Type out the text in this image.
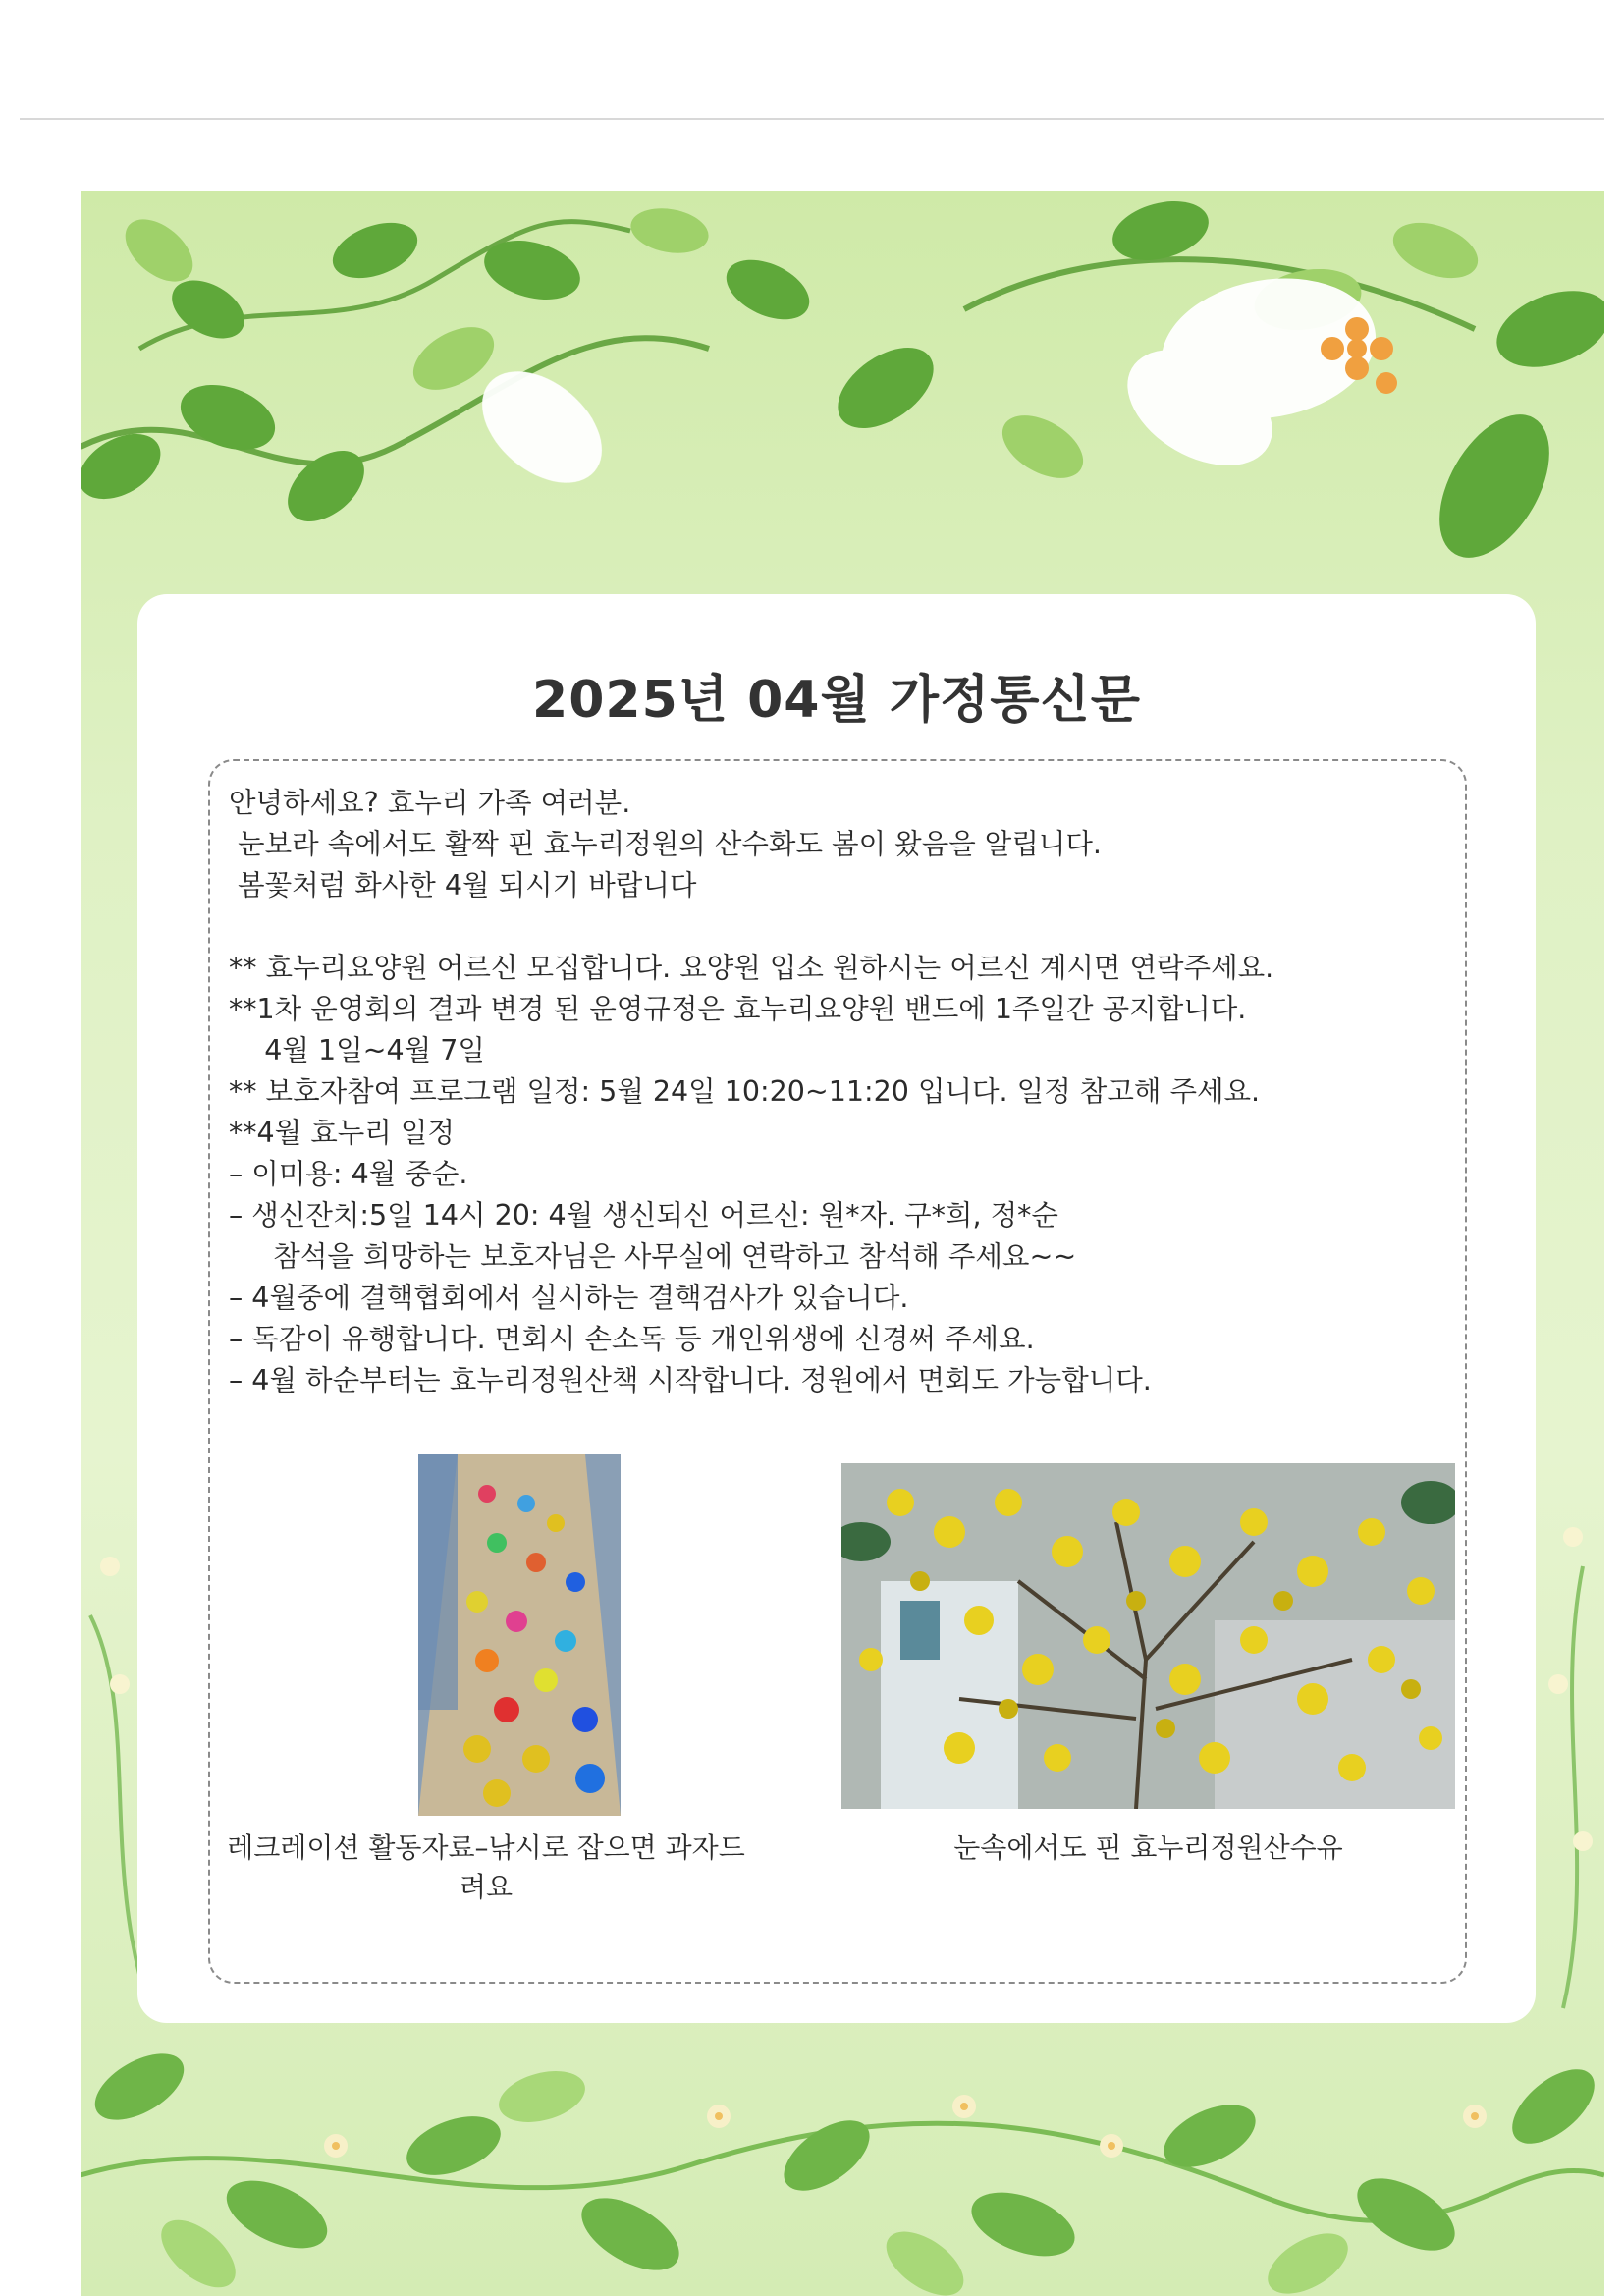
2025년 04월 가정통신문
안녕하세요? 효누리 가족 여러분.
눈보라 속에서도 활짝 핀 효누리정원의 산수화도 봄이 왔음을 알립니다.
봄꽃처럼 화사한 4월 되시기 바랍니다
** 효누리요양원 어르신 모집합니다. 요양원 입소 원하시는 어르신 계시면 연락주세요.
**1차 운영회의 결과 변경 된 운영규정은 효누리요양원 밴드에 1주일간 공지합니다.
4월 1일~4월 7일
** 보호자참여 프로그램 일정: 5월 24일 10:20~11:20 입니다. 일정 참고해 주세요.
**4월 효누리 일정
– 이미용: 4월 중순.
– 생신잔치:5일 14시 20: 4월 생신되신 어르신: 원*자. 구*희, 정*순
참석을 희망하는 보호자님은 사무실에 연락하고 참석해 주세요~~
– 4월중에 결핵협회에서 실시하는 결핵검사가 있습니다.
– 독감이 유행합니다. 면회시 손소독 등 개인위생에 신경써 주세요.
– 4월 하순부터는 효누리정원산책 시작합니다. 정원에서 면회도 가능합니다.
레크레이션 활동자료–낚시로 잡으면 과자드
려요
눈속에서도 핀 효누리정원산수유
